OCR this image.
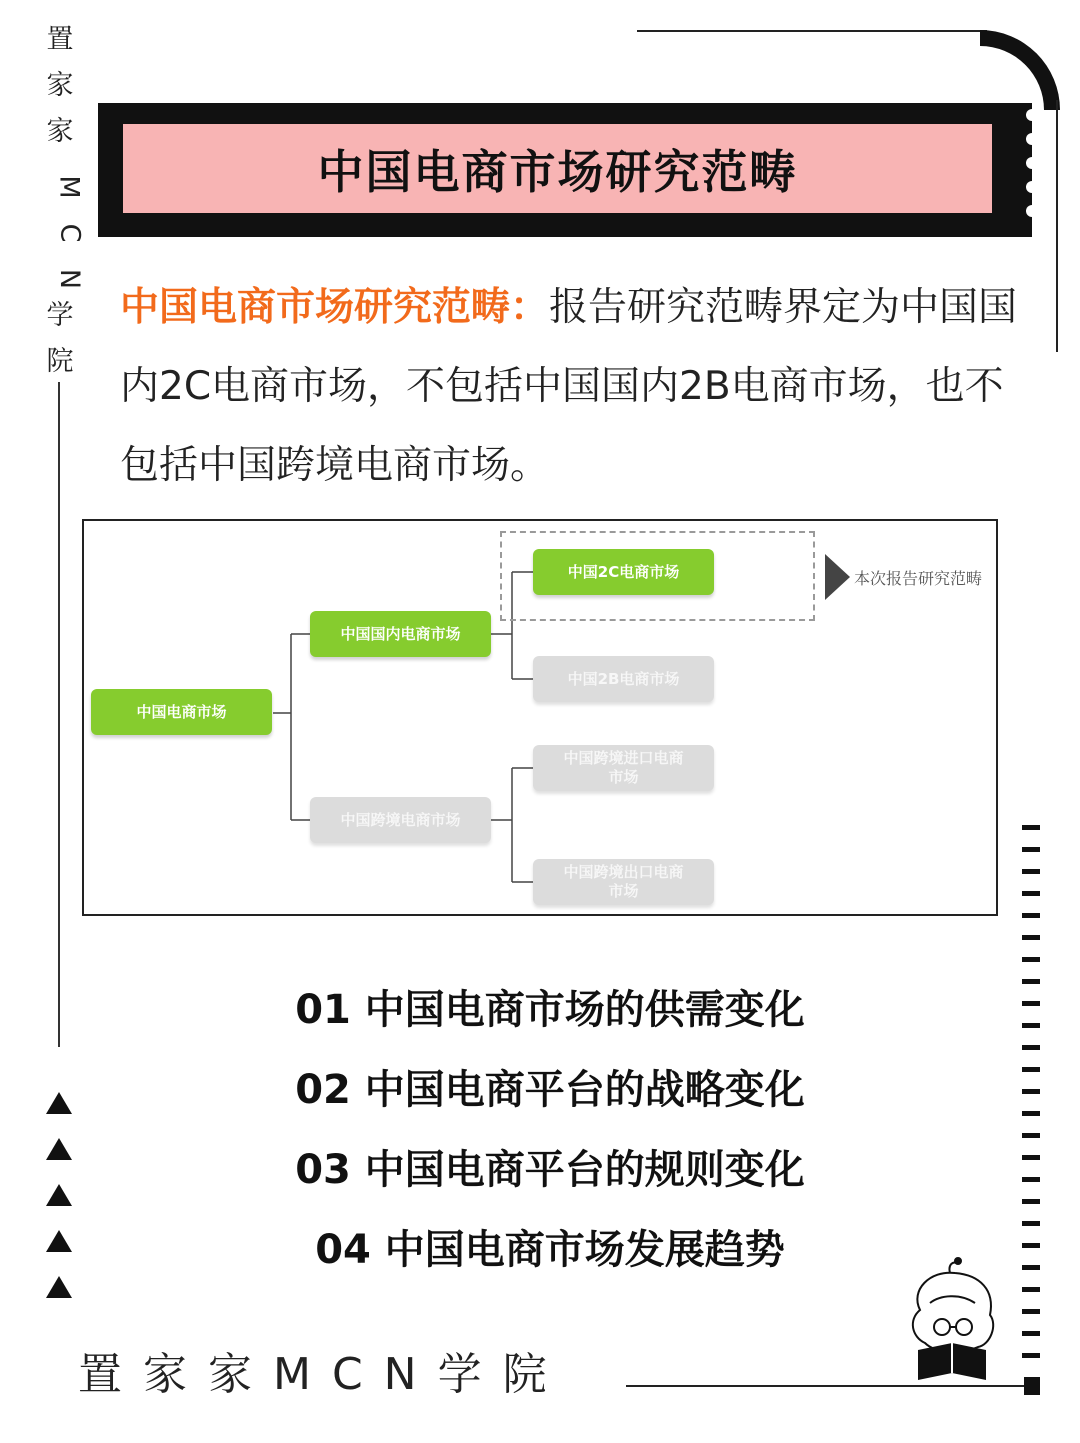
置
家
家
M
C
N
学
院
中国电商市场研究范畴
中国电商市场研究范畴：报告研究范畴界定为中国国内2C电商市场，不包括中国国内2B电商市场，也不包括中国跨境电商市场。
中国电商市场
中国国内电商市场
中国跨境电商市场
中国2C电商市场
中国2B电商市场
中国跨境进口电商
市场
中国跨境出口电商
市场
本次报告研究范畴
01 中国电商市场的供需变化
02 中国电商平台的战略变化
03 中国电商平台的规则变化
04 中国电商市场发展趋势
置家家MCN学院
